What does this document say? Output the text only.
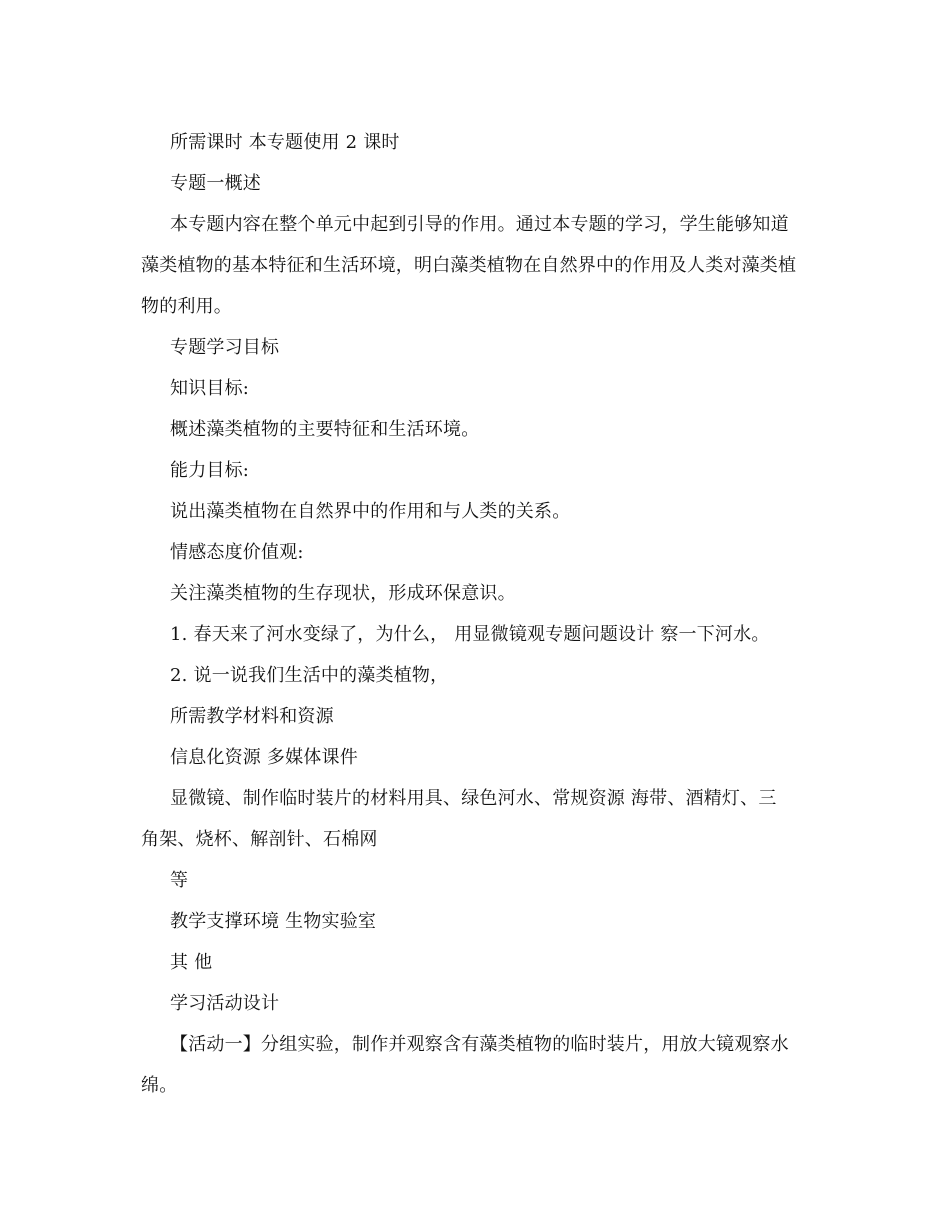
所需课时 本专题使用 2 课时
专题一概述
本专题内容在整个单元中起到引导的作用。通过本专题的学习，学生能够知道
藻类植物的基本特征和生活环境，明白藻类植物在自然界中的作用及人类对藻类植
物的利用。
专题学习目标
知识目标:
概述藻类植物的主要特征和生活环境。
能力目标:
说出藻类植物在自然界中的作用和与人类的关系。
情感态度价值观:
关注藻类植物的生存现状，形成环保意识。
1. 春天来了河水变绿了，为什么， 用显微镜观专题问题设计 察一下河水。
2. 说一说我们生活中的藻类植物，
所需教学材料和资源
信息化资源 多媒体课件
显微镜、制作临时装片的材料用具、绿色河水、常规资源 海带、酒精灯、三
角架、烧杯、解剖针、石棉网
等
教学支撑环境 生物实验室
其 他
学习活动设计
【活动一】分组实验，制作并观察含有藻类植物的临时装片，用放大镜观察水
绵。
